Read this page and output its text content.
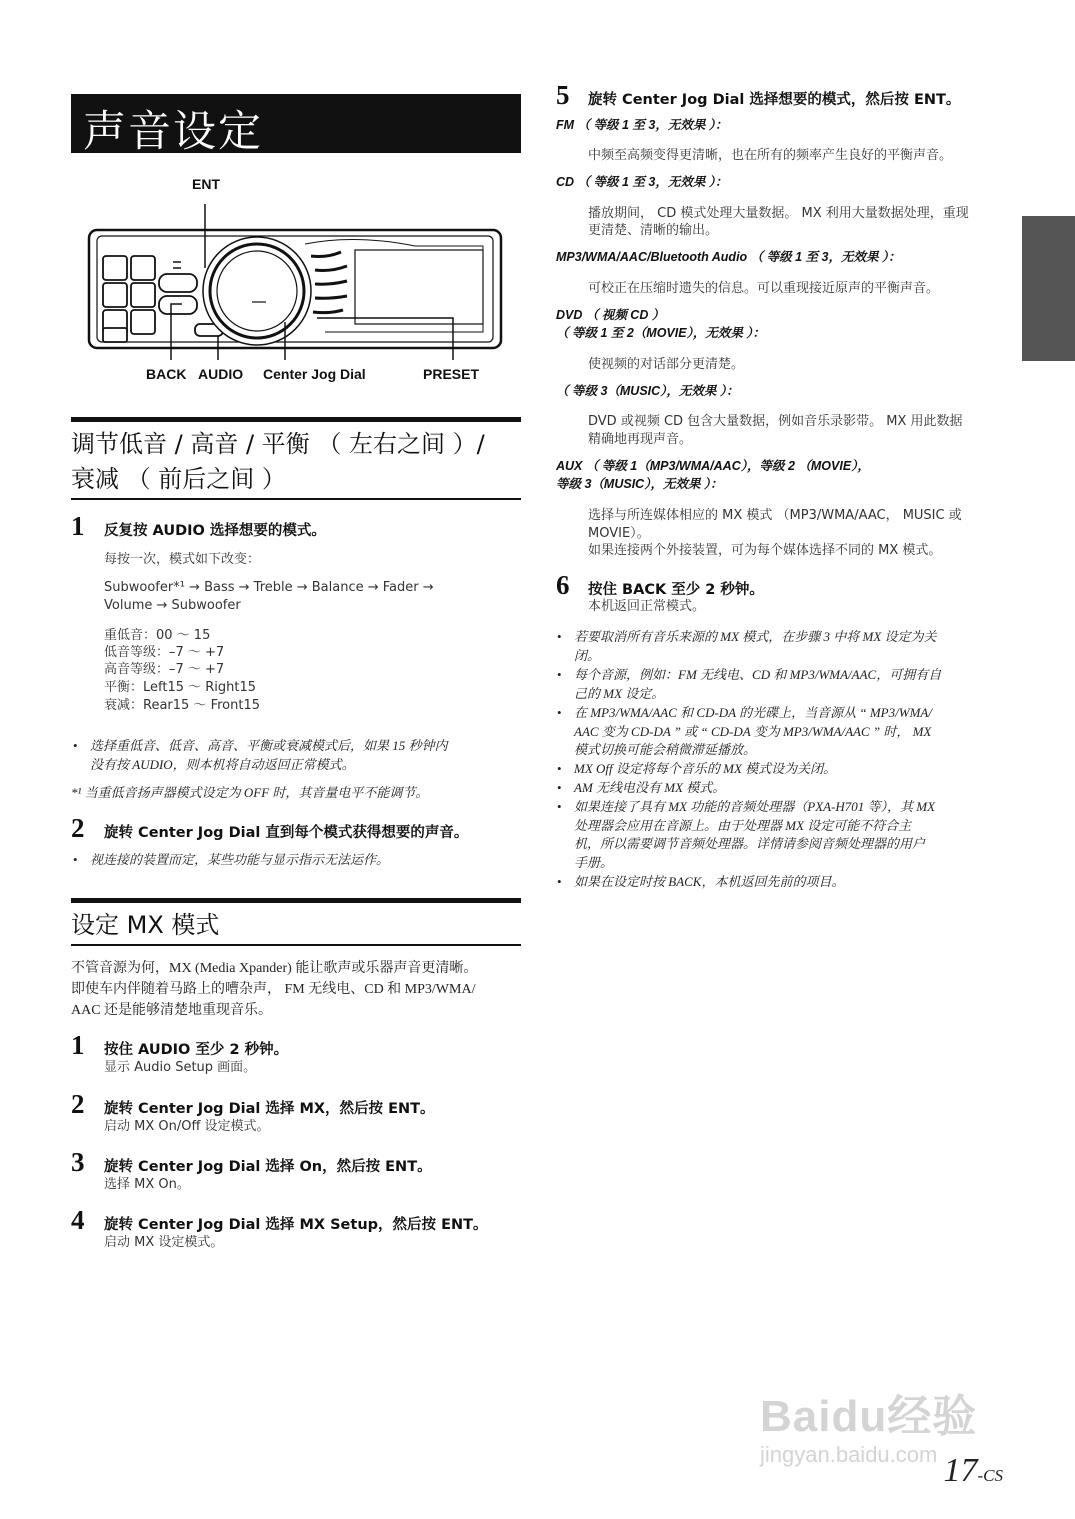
声音设定
ENT
BACK AUDIO Center Jog Dial	PRESET
调节低音 / 高音 / 平衡 （ 左右之间 ）/
衰减 （ 前后之间 ）
1 反复按 AUDIO 选择想要的模式。
每按一次，模式如下改变：
Subwoofer*¹ → Bass → Treble → Balance → Fader →
Volume → Subwoofer
重低音：00 ～ 15
低音等级：–7 ～ +7
高音等级：–7 ～ +7
平衡：Left15 ～ Right15
衰减：Rear15 ～ Front15
• 选择重低音、低音、高音、平衡或衰减模式后，如果 15 秒钟内
没有按 AUDIO，则本机将自动返回正常模式。
*¹ 当重低音扬声器模式设定为 OFF 时，其音量电平不能调节。
2 旋转 Center Jog Dial 直到每个模式获得想要的声音。
• 视连接的装置而定，某些功能与显示指示无法运作。
设定 MX 模式
不管音源为何，MX (Media Xpander) 能让歌声或乐器声音更清晰。
即使车内伴随着马路上的嘈杂声， FM 无线电、CD 和 MP3/WMA/
AAC 还是能够清楚地重现音乐。
1 按住 AUDIO 至少 2 秒钟。
显示 Audio Setup 画面。
2 旋转 Center Jog Dial 选择 MX，然后按 ENT。
启动 MX On/Off 设定模式。
3 旋转 Center Jog Dial 选择 On，然后按 ENT。
选择 MX On。
4 旋转 Center Jog Dial 选择 MX Setup，然后按 ENT。
启动 MX 设定模式。
5 旋转 Center Jog Dial 选择想要的模式，然后按 ENT。
FM （ 等级 1 至 3，无效果 ）：
中频至高频变得更清晰，也在所有的频率产生良好的平衡声音。
CD （ 等级 1 至 3，无效果 ）：
播放期间， CD 模式处理大量数据。 MX 利用大量数据处理，重现
更清楚、清晰的输出。
MP3/WMA/AAC/Bluetooth Audio （ 等级 1 至 3，无效果 ）：
可校正在压缩时遗失的信息。可以重现接近原声的平衡声音。
DVD （ 视频 CD ）
（ 等级 1 至 2（MOVIE），无效果 ）：
使视频的对话部分更清楚。
（ 等级 3（MUSIC），无效果 ）：
DVD 或视频 CD 包含大量数据，例如音乐录影带。 MX 用此数据
精确地再现声音。
AUX （ 等级 1（MP3/WMA/AAC），等级 2 （MOVIE），
等级 3（MUSIC），无效果 ）：
选择与所连媒体相应的 MX 模式 （MP3/WMA/AAC， MUSIC 或
MOVIE）。
如果连接两个外接装置，可为每个媒体选择不同的 MX 模式。
6 按住 BACK 至少 2 秒钟。
本机返回正常模式。
• 若要取消所有音乐来源的 MX 模式，在步骤 3 中将 MX 设定为关
闭。
• 每个音源，例如：FM 无线电、CD 和 MP3/WMA/AAC，可拥有自
己的 MX 设定。
• 在 MP3/WMA/AAC 和 CD-DA 的光碟上，当音源从 “ MP3/WMA/
AAC 变为 CD-DA ” 或 “ CD-DA 变为 MP3/WMA/AAC ” 时， MX
模式切换可能会稍微滞延播放。
• MX Off 设定将每个音乐的 MX 模式设为关闭。
• AM 无线电没有 MX 模式。
• 如果连接了具有 MX 功能的音频处理器（PXA-H701 等），其 MX
处理器会应用在音源上。由于处理器 MX 设定可能不符合主
机，所以需要调节音频处理器。详情请参阅音频处理器的用户
手册。
• 如果在设定时按 BACK，本机返回先前的项目。
Baidu经验
jingyan.baidu.com 17-CS
